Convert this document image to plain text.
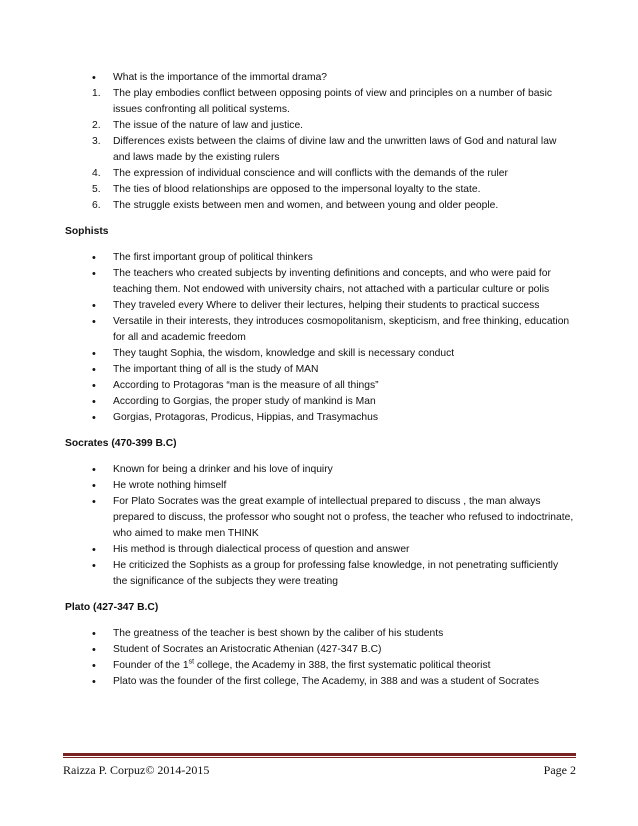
• What is the importance of the immortal drama?
1. The play embodies conflict between opposing points of view and principles on a number of basic issues confronting all political systems.
2. The issue of the nature of law and justice.
3. Differences exists between the claims of divine law and the unwritten laws of God and natural law and laws made by the existing rulers
4. The expression of individual conscience and will conflicts with the demands of the ruler
5. The ties of blood relationships are opposed to the impersonal loyalty to the state.
6. The struggle exists between men and women, and between young and older people.

Sophists

• The first important group of political thinkers
• The teachers who created subjects by inventing definitions and concepts, and who were paid for teaching them. Not endowed with university chairs, not attached with a particular culture or polis
• They traveled every Where to deliver their lectures, helping their students to practical success
• Versatile in their interests, they introduces cosmopolitanism, skepticism, and free thinking, education for all and academic freedom
• They taught Sophia, the wisdom, knowledge and skill is necessary conduct
• The important thing of all is the study of MAN
• According to Protagoras “man is the measure of all things”
• According to Gorgias, the proper study of mankind is Man
• Gorgias, Protagoras, Prodicus, Hippias, and Trasymachus

Socrates (470-399 B.C)

• Known for being a drinker and his love of inquiry
• He wrote nothing himself
• For Plato Socrates was the great example of intellectual prepared to discuss , the man always prepared to discuss, the professor who sought not o profess, the teacher who refused to indoctrinate, who aimed to make men THINK
• His method is through dialectical process of question and answer
• He criticized the Sophists as a group for professing false knowledge, in not penetrating sufficiently the significance of the subjects they were treating

Plato (427-347 B.C)

• The greatness of the teacher is best shown by the caliber of his students
• Student of Socrates an Aristocratic Athenian (427-347 B.C)
• Founder of the 1st college, the Academy in 388, the first systematic political theorist
• Plato was the founder of the first college, The Academy, in 388 and was a student of Socrates
Raizza P. Corpuz© 2014-2015	Page 2
